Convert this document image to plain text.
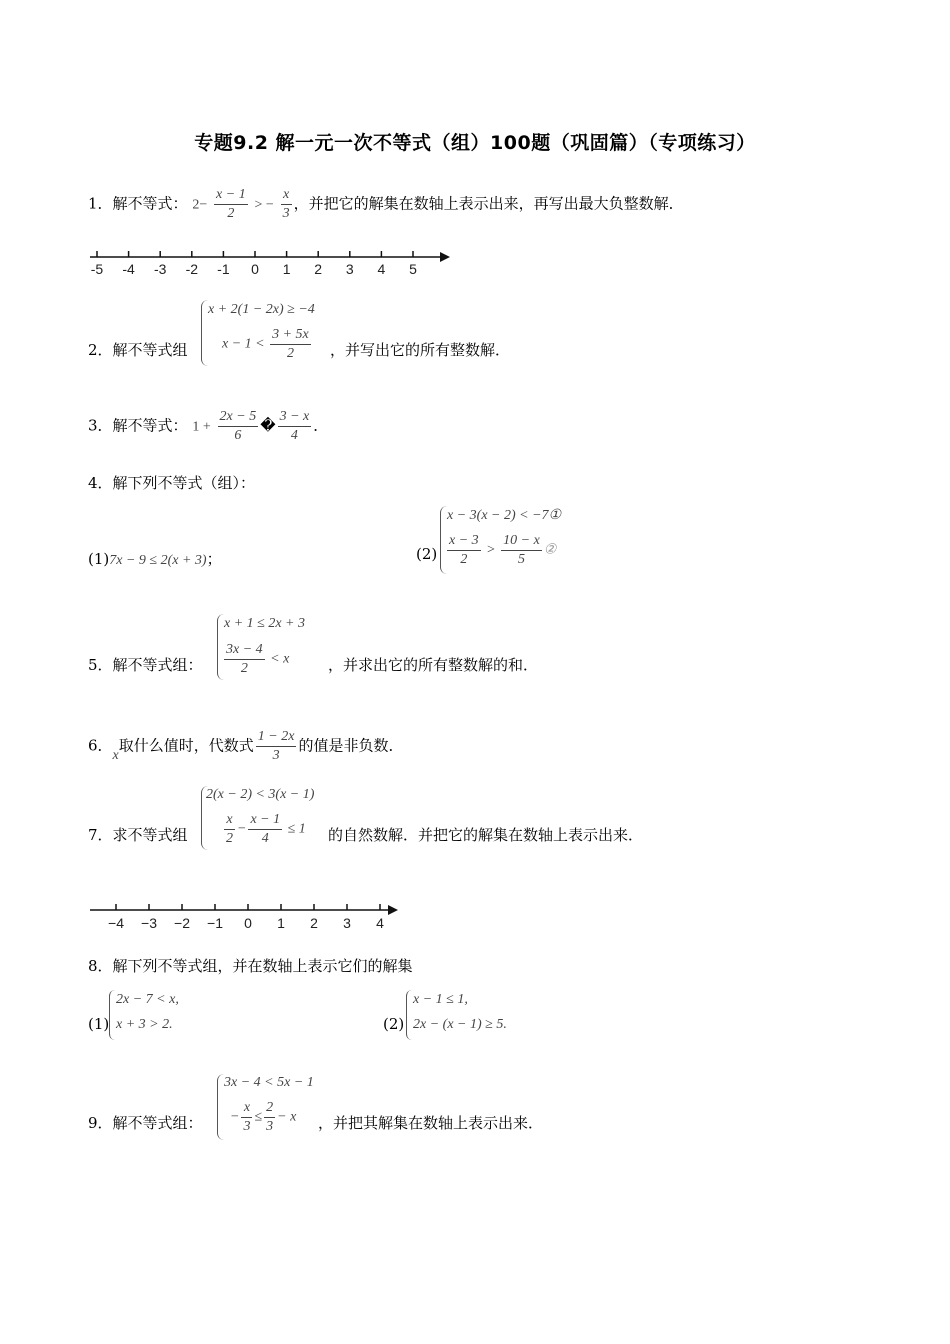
专题9.2 解一元一次不等式（组）100题（巩固篇）（专项练习）
1．解不等式： $2- \frac{x - 1}{2}$ > − $\frac{x}{3}$ ，并把它的解集在数轴上表示出来，再写出最大负整数解．
-5 -4 -3 -2 -1 0 1 2 3 4 5
2．解不等式组
x + 2(1 − 2x) ≥ −4
$x - 1 < \frac{3 + 5x}{2}$ ，并写出它的所有整数解．
3．解不等式： $1 + \frac{2x - 5}{6}$ � $\frac{3 - x}{4}$ ．
4．解下列不等式（组）：
(1)7x − 9 ≤ 2(x + 3)；	(2)
x − 3(x − 2) < −7①
$\frac{x - 3}{2} > \frac{10 - x}{5}$ ②
5．解不等式组：
x + 1 ≤ 2x + 3
$\frac{3x - 4}{2} < x$	，并求出它的所有整数解的和．
6．x取什么值时，代数式 $\frac{1 - 2x}{3}$ 的值是非负数．
7．求不等式组
2(x − 2) < 3(x − 1)
$\frac{x}{2} - \frac{x - 1}{4} \le 1$ 的自然数解．并把它的解集在数轴上表示出来．
−4 −3 −2 −1 0 1 2 3 4
8．解下列不等式组，并在数轴上表示它们的解集
(1)
2x − 7 < x,
x + 3 > 2.	(2)
x − 1 ≤ 1,
2x − (x − 1) ≥ 5.
9．解不等式组：
3x − 4 < 5x − 1
− $\frac{x}{3} \le \frac{2}{3} - x$ ，并把其解集在数轴上表示出来．
